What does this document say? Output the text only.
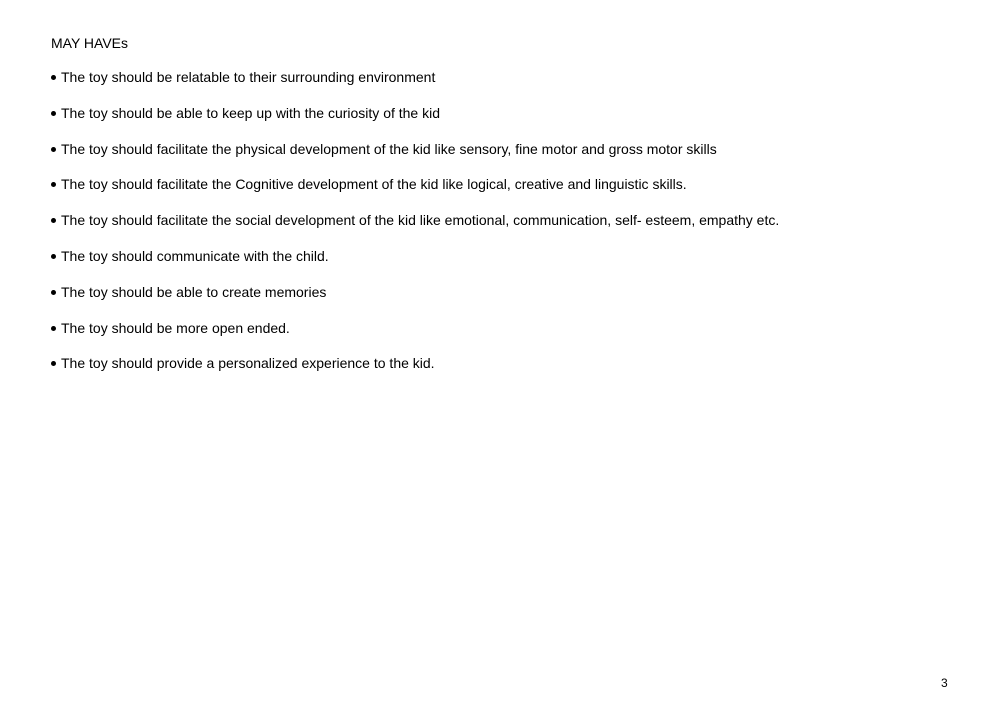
MAY HAVEs
The toy should be relatable to their surrounding environment
The toy should be able to keep up with the curiosity of the kid
The toy should facilitate the physical development of the kid like sensory, fine motor and gross motor skills
The toy should facilitate the Cognitive development of the kid like logical, creative and linguistic skills.
The toy should facilitate the social development of the kid like emotional, communication, self- esteem, empathy etc.
The toy should communicate with the child.
The toy should be able to create memories
The toy should be more open ended.
The toy should provide a personalized experience to the kid.
3
